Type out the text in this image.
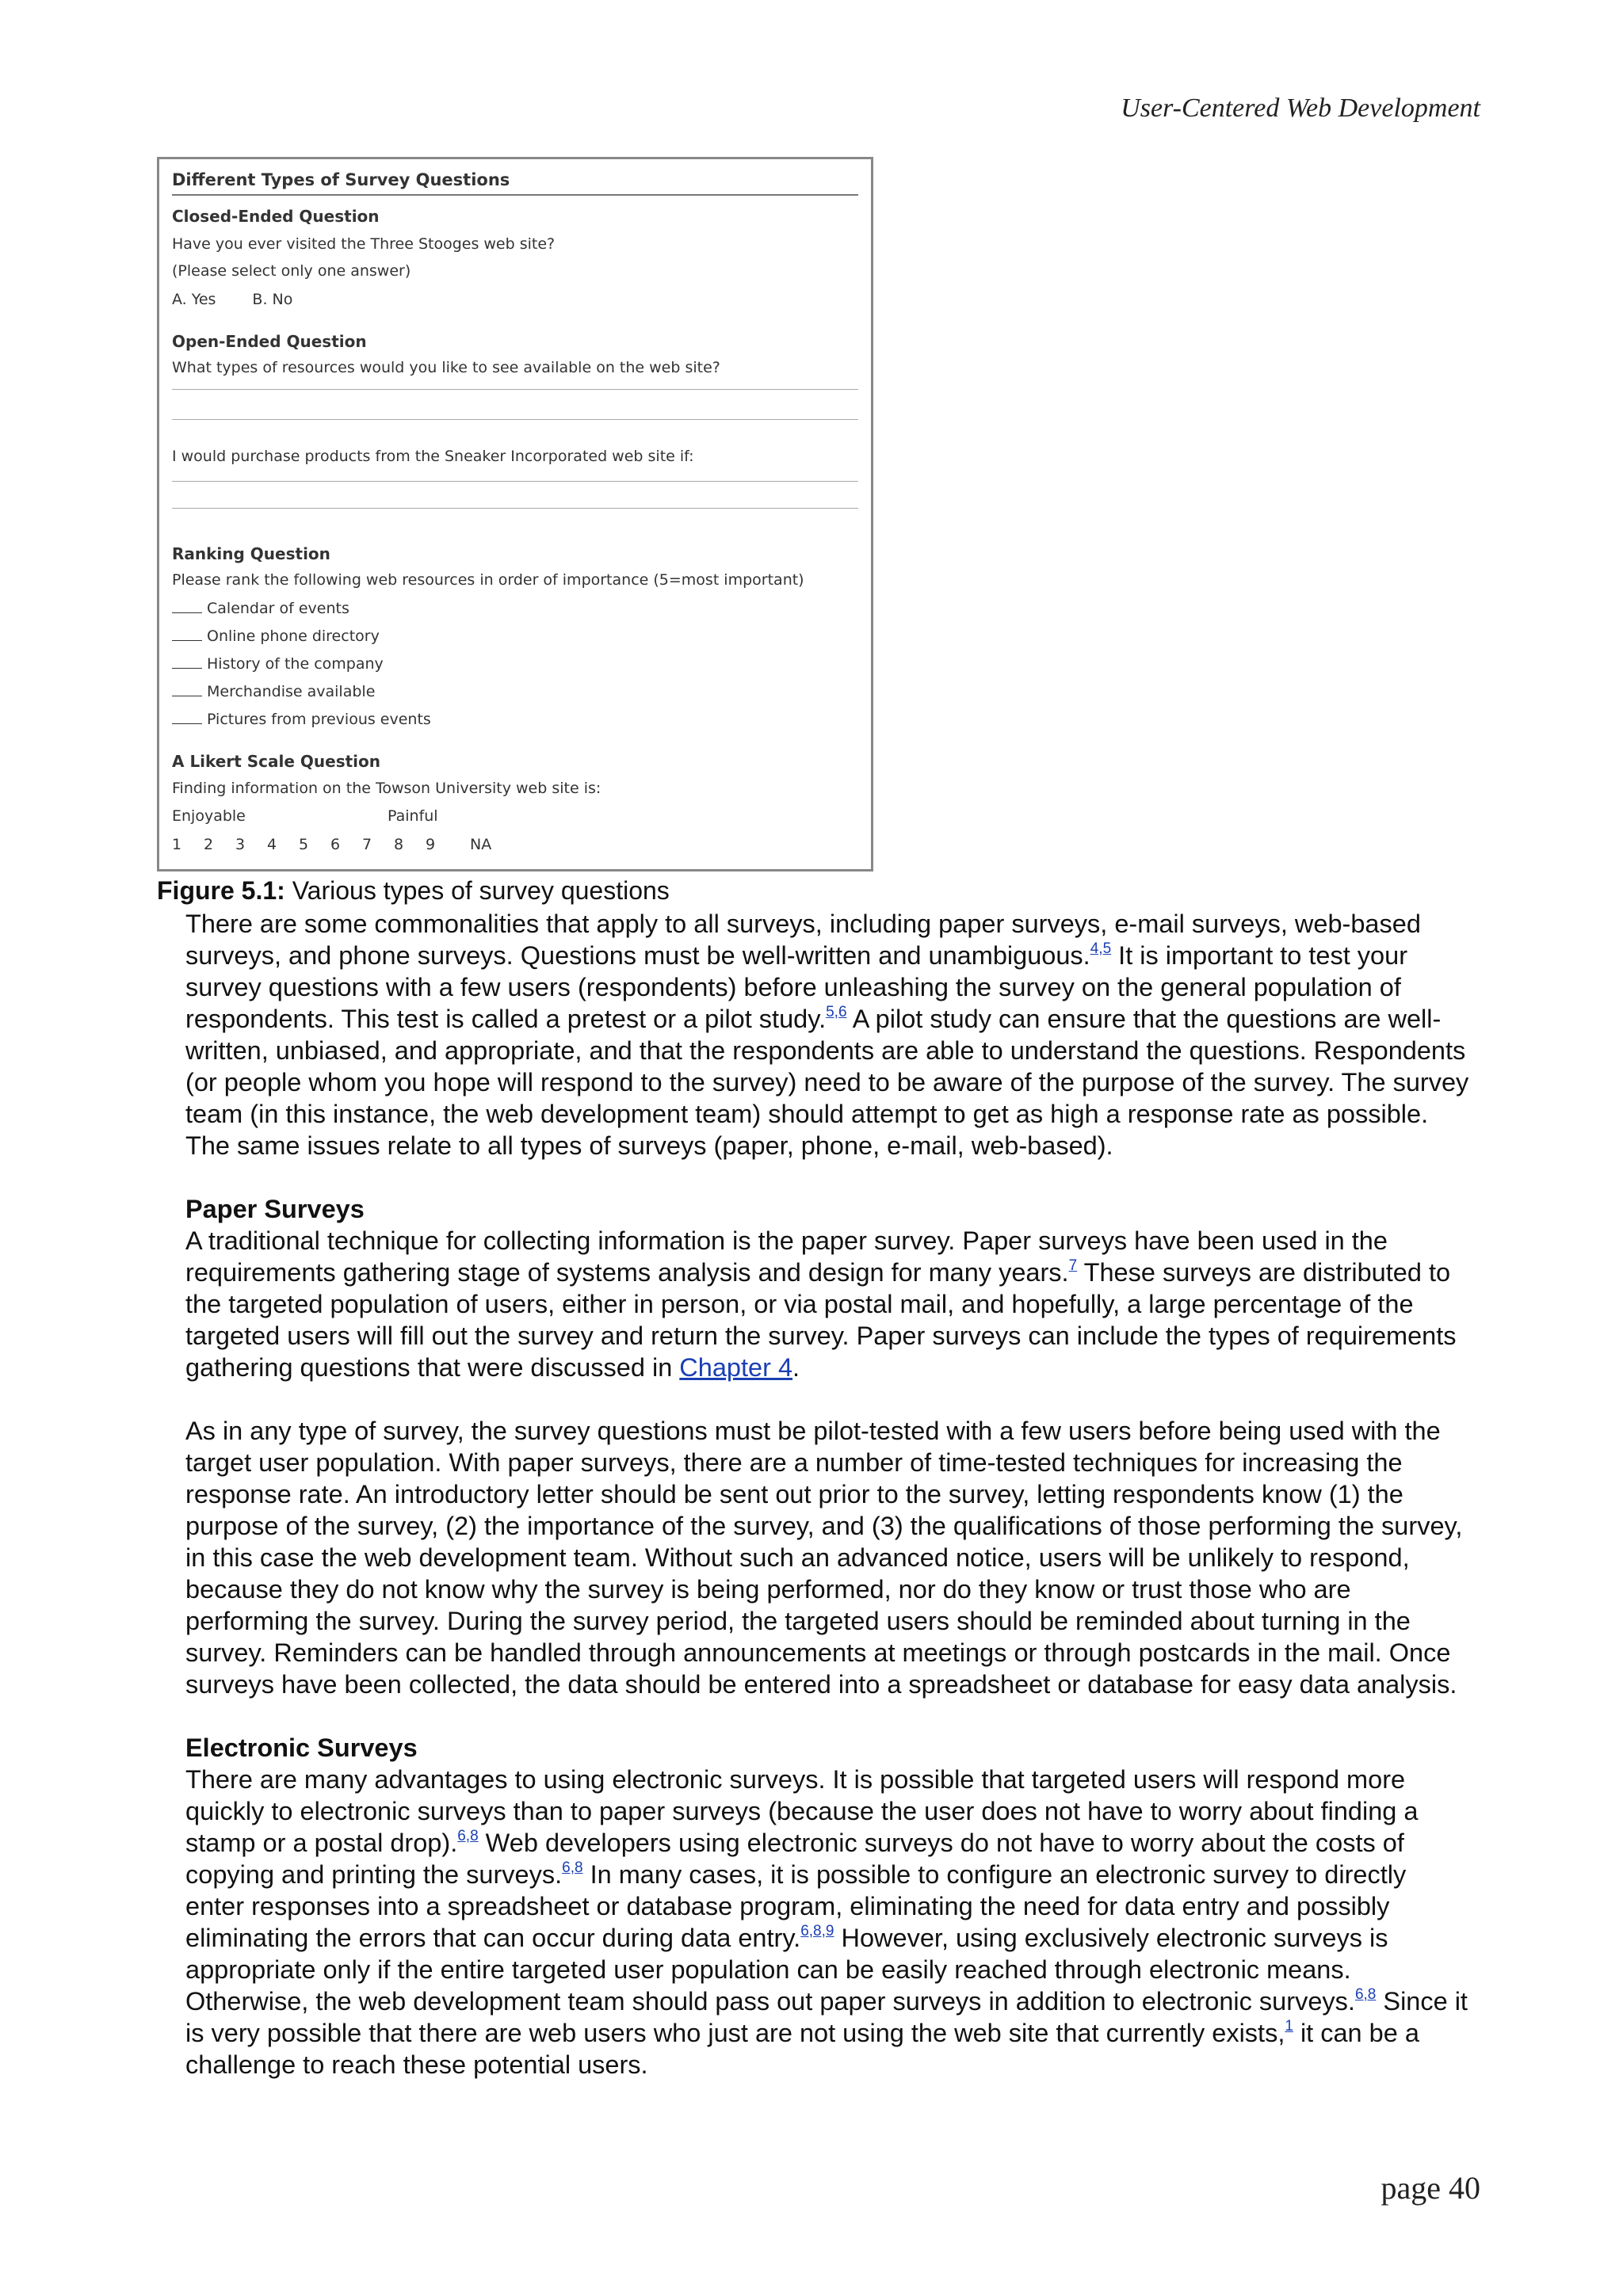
User-Centered Web Development
Different Types of Survey Questions
Closed-Ended Question
Have you ever visited the Three Stooges web site?
(Please select only one answer)
A. Yes B. No
Open-Ended Question
What types of resources would you like to see available on the web site?
I would purchase products from the Sneaker Incorporated web site if:
Ranking Question
Please rank the following web resources in order of importance (5=most important)
Calendar of events
Online phone directory
History of the company
Merchandise available
Pictures from previous events
A Likert Scale Question
Finding information on the Towson University web site is:
Enjoyable	Painful
1 2 3 4 5 6 7 8 9 NA
Figure 5.1: Various types of survey questions

There are some commonalities that apply to all surveys, including paper surveys, e-mail surveys, web-based surveys, and phone surveys. Questions must be well-written and unambiguous.$^{4,5}$ It is important to test your survey questions with a few users (respondents) before unleashing the survey on the general population of respondents. This test is called a pretest or a pilot study.$^{5,6}$ A pilot study can ensure that the questions are well-written, unbiased, and appropriate, and that the respondents are able to understand the questions. Respondents (or people whom you hope will respond to the survey) need to be aware of the purpose of the survey. The survey team (in this instance, the web development team) should attempt to get as high a response rate as possible. The same issues relate to all types of surveys (paper, phone, e-mail, web-based).

Paper Surveys

A traditional technique for collecting information is the paper survey. Paper surveys have been used in the requirements gathering stage of systems analysis and design for many years.$^7$ These surveys are distributed to the targeted population of users, either in person, or via postal mail, and hopefully, a large percentage of the targeted users will fill out the survey and return the survey. Paper surveys can include the types of requirements gathering questions that were discussed in Chapter 4.

As in any type of survey, the survey questions must be pilot-tested with a few users before being used with the target user population. With paper surveys, there are a number of time-tested techniques for increasing the response rate. An introductory letter should be sent out prior to the survey, letting respondents know (1) the purpose of the survey, (2) the importance of the survey, and (3) the qualifications of those performing the survey, in this case the web development team. Without such an advanced notice, users will be unlikely to respond, because they do not know why the survey is being performed, nor do they know or trust those who are performing the survey. During the survey period, the targeted users should be reminded about turning in the survey. Reminders can be handled through announcements at meetings or through postcards in the mail. Once surveys have been collected, the data should be entered into a spreadsheet or database for easy data analysis.

Electronic Surveys

There are many advantages to using electronic surveys. It is possible that targeted users will respond more quickly to electronic surveys than to paper surveys (because the user does not have to worry about finding a stamp or a postal drop).$^{6,8}$ Web developers using electronic surveys do not have to worry about the costs of copying and printing the surveys.$^{6,8}$ In many cases, it is possible to configure an electronic survey to directly enter responses into a spreadsheet or database program, eliminating the need for data entry and possibly eliminating the errors that can occur during data entry.$^{6,8,9}$ However, using exclusively electronic surveys is appropriate only if the entire targeted user population can be easily reached through electronic means. Otherwise, the web development team should pass out paper surveys in addition to electronic surveys.$^{6,8}$ Since it is very possible that there are web users who just are not using the web site that currently exists,$^1$ it can be a challenge to reach these potential users.

page 40
